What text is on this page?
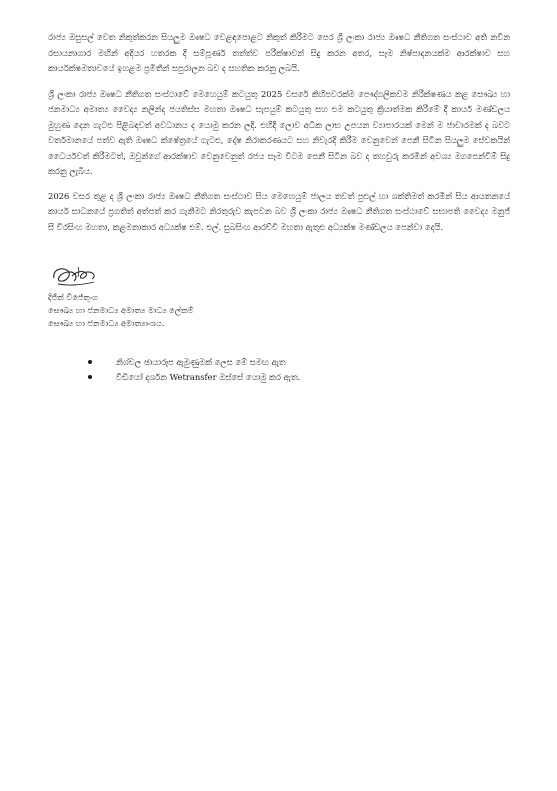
රාජ්‍ය ඔසුසල් වෙත නිකුත්කරන සියලුම ඖෂධ වෙළඳපොළට නිකුත් කිරීමට පෙර ශ්‍රී ලංකා රාජ්‍ය ඖෂධ නීතිගත සංස්ථාව අති නවීන රසායනාගාර මඟින් අදියර හතරක දී සම්පූර්ණ තත්ත්ව පරීක්ෂාවන් සිදු කරන අතර, සෑම නිෂ්පාදනයක්ම ආරක්ෂාව සහ කාර්යක්ෂමතාවයේ ඉහළම ප්‍රමිතීන් සපුරාලන බව ද සහතික කරනු ලබයි.

ශ්‍රී ලංකා රාජ්‍ය ඖෂධ නීතිගත සංස්ථාවේ මෙහෙයුම් කටයුතු 2025 වසරේ කිහිපවරක්ම පෞද්ගලිකවම නිරීක්ෂණය කළ සෞඛ්‍ය හා ජනමාධ්‍ය අමාත්‍ය වෛද්‍ය නලින්ද ජයතිස්ස මහතා ඖෂධ සැපයුම් කටයුතු සහ එම කටයුතු ක්‍රියාත්මක කිරීමේ දී කාර්ය මණ්ඩලය මුහුණ දෙන ගැටළු පිළිබඳවත් අවධානය ද යොමු කරන ලදි. එහිදී ලොව අධික ලාභ උපයන ව්‍යාපාරයක් මෙන් ම ජාවාරමක් ද බවට වර්තමානයේ පත්ව ඇති ඖෂධ ක්ෂේත්‍රයේ ගැටළු, දෝෂ නිරාකරණයට සහ නිවැරදි කිරීම වෙනුවෙන් පෙනී සිටින සියලුම සේවකයින් ධෛර්යවත් කිරීමටත්, ඔවුන්ගේ ආරක්ෂාව වෙනුවෙනුත් රජය සෑම විටම පෙනී සිටින බව ද තහවුරු කරමින් අවශ්‍ය මගපෙන්වීම් සිදු කරනු ලැබීය.

2026 වසර තුළ ද ශ්‍රී ලංකා රාජ්‍ය ඖෂධ නීතිගත සංස්ථාව සිය මෙහෙයුම් ජාලය තවත් පුළුල් හා ශක්තිමත් කරමින් සිය ආයතනයේ කාර්ය සාධනයේ ප්‍රගතිත් අත්පත් කර ගැනීමට නිරතුරුව කැපවන බව ශ්‍රී ලංකා රාජ්‍ය ඖෂධ නීතිගත සංස්ථාවේ සභාපති වෛද්‍ය මනුජ් සී වීරසිංහ මහතා, කළමනාකාර අධ්‍යක්ෂ එම්. එල්. සුබසිංහ ආරච්චි මහතා ඇතුළු අධ්‍යක්ෂ මණ්ඩලය පෙන්වා දෙයි.

දිජිත් විජේතුංග
සෞඛ්‍ය හා ජනමාධ්‍ය අමාත්‍ය මාධ්‍ය ලේකම්
සෞඛ්‍ය හා ජනමාධ්‍ය අමාත්‍යාංශය.
නිශ්චල ඡායාරූප ඇමුණුමක් ලෙස මේ සමඟ ඇත
වීඩියෝ දර්ශන Wetransfer ඔස්සේ යොමු කර ඇත.
